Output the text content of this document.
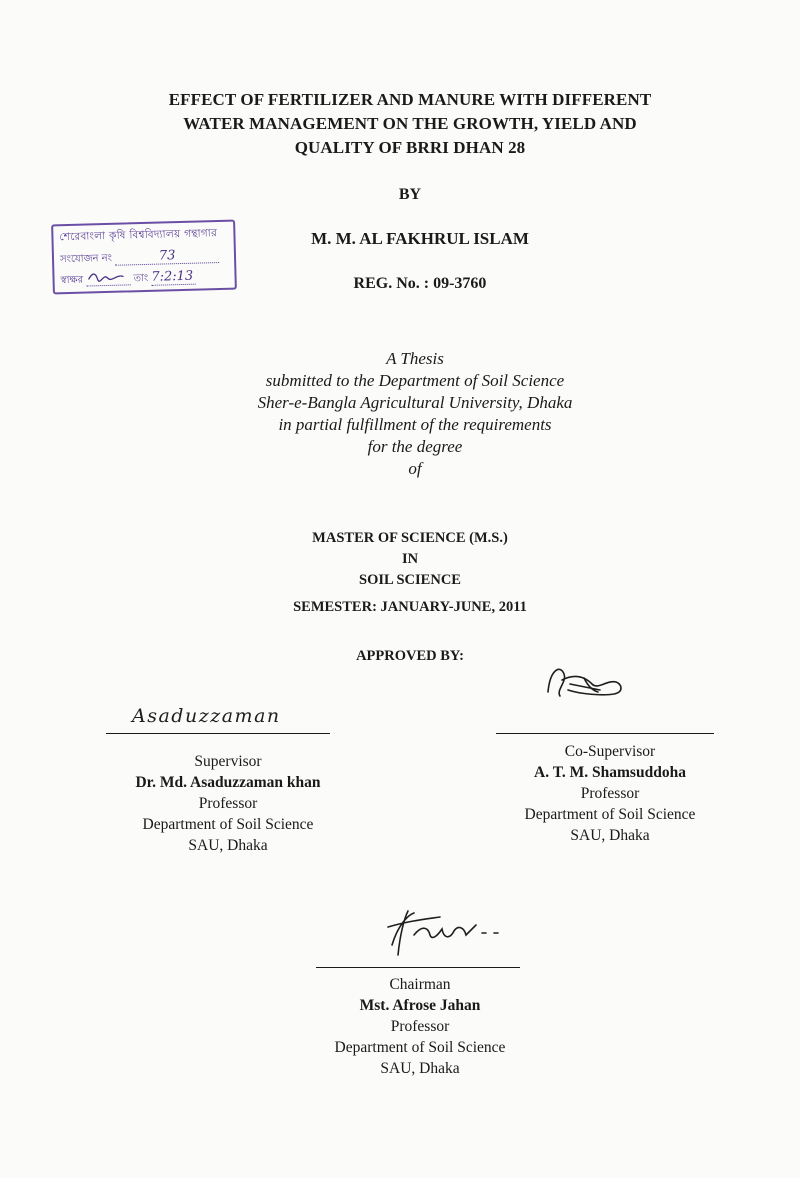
EFFECT OF FERTILIZER AND MANURE WITH DIFFERENT
WATER MANAGEMENT ON THE GROWTH, YIELD AND
QUALITY OF BRRI DHAN 28
BY
শেরেবাংলা কৃষি বিশ্ববিদ্যালয় গন্থাগার
সংযোজন নং	73
স্বাক্ষর	তাং 7:2:13
M. M. AL FAKHRUL ISLAM
REG. No. : 09-3760
A Thesis
submitted to the Department of Soil Science
Sher-e-Bangla Agricultural University, Dhaka
in partial fulfillment of the requirements
for the degree
of
MASTER OF SCIENCE (M.S.)
IN
SOIL SCIENCE
SEMESTER: JANUARY-JUNE, 2011
APPROVED BY:
Asaduzzaman
Supervisor
Dr. Md. Asaduzzaman khan
Professor
Department of Soil Science
SAU, Dhaka
Co-Supervisor
A. T. M. Shamsuddoha
Professor
Department of Soil Science
SAU, Dhaka
Chairman
Mst. Afrose Jahan
Professor
Department of Soil Science
SAU, Dhaka
